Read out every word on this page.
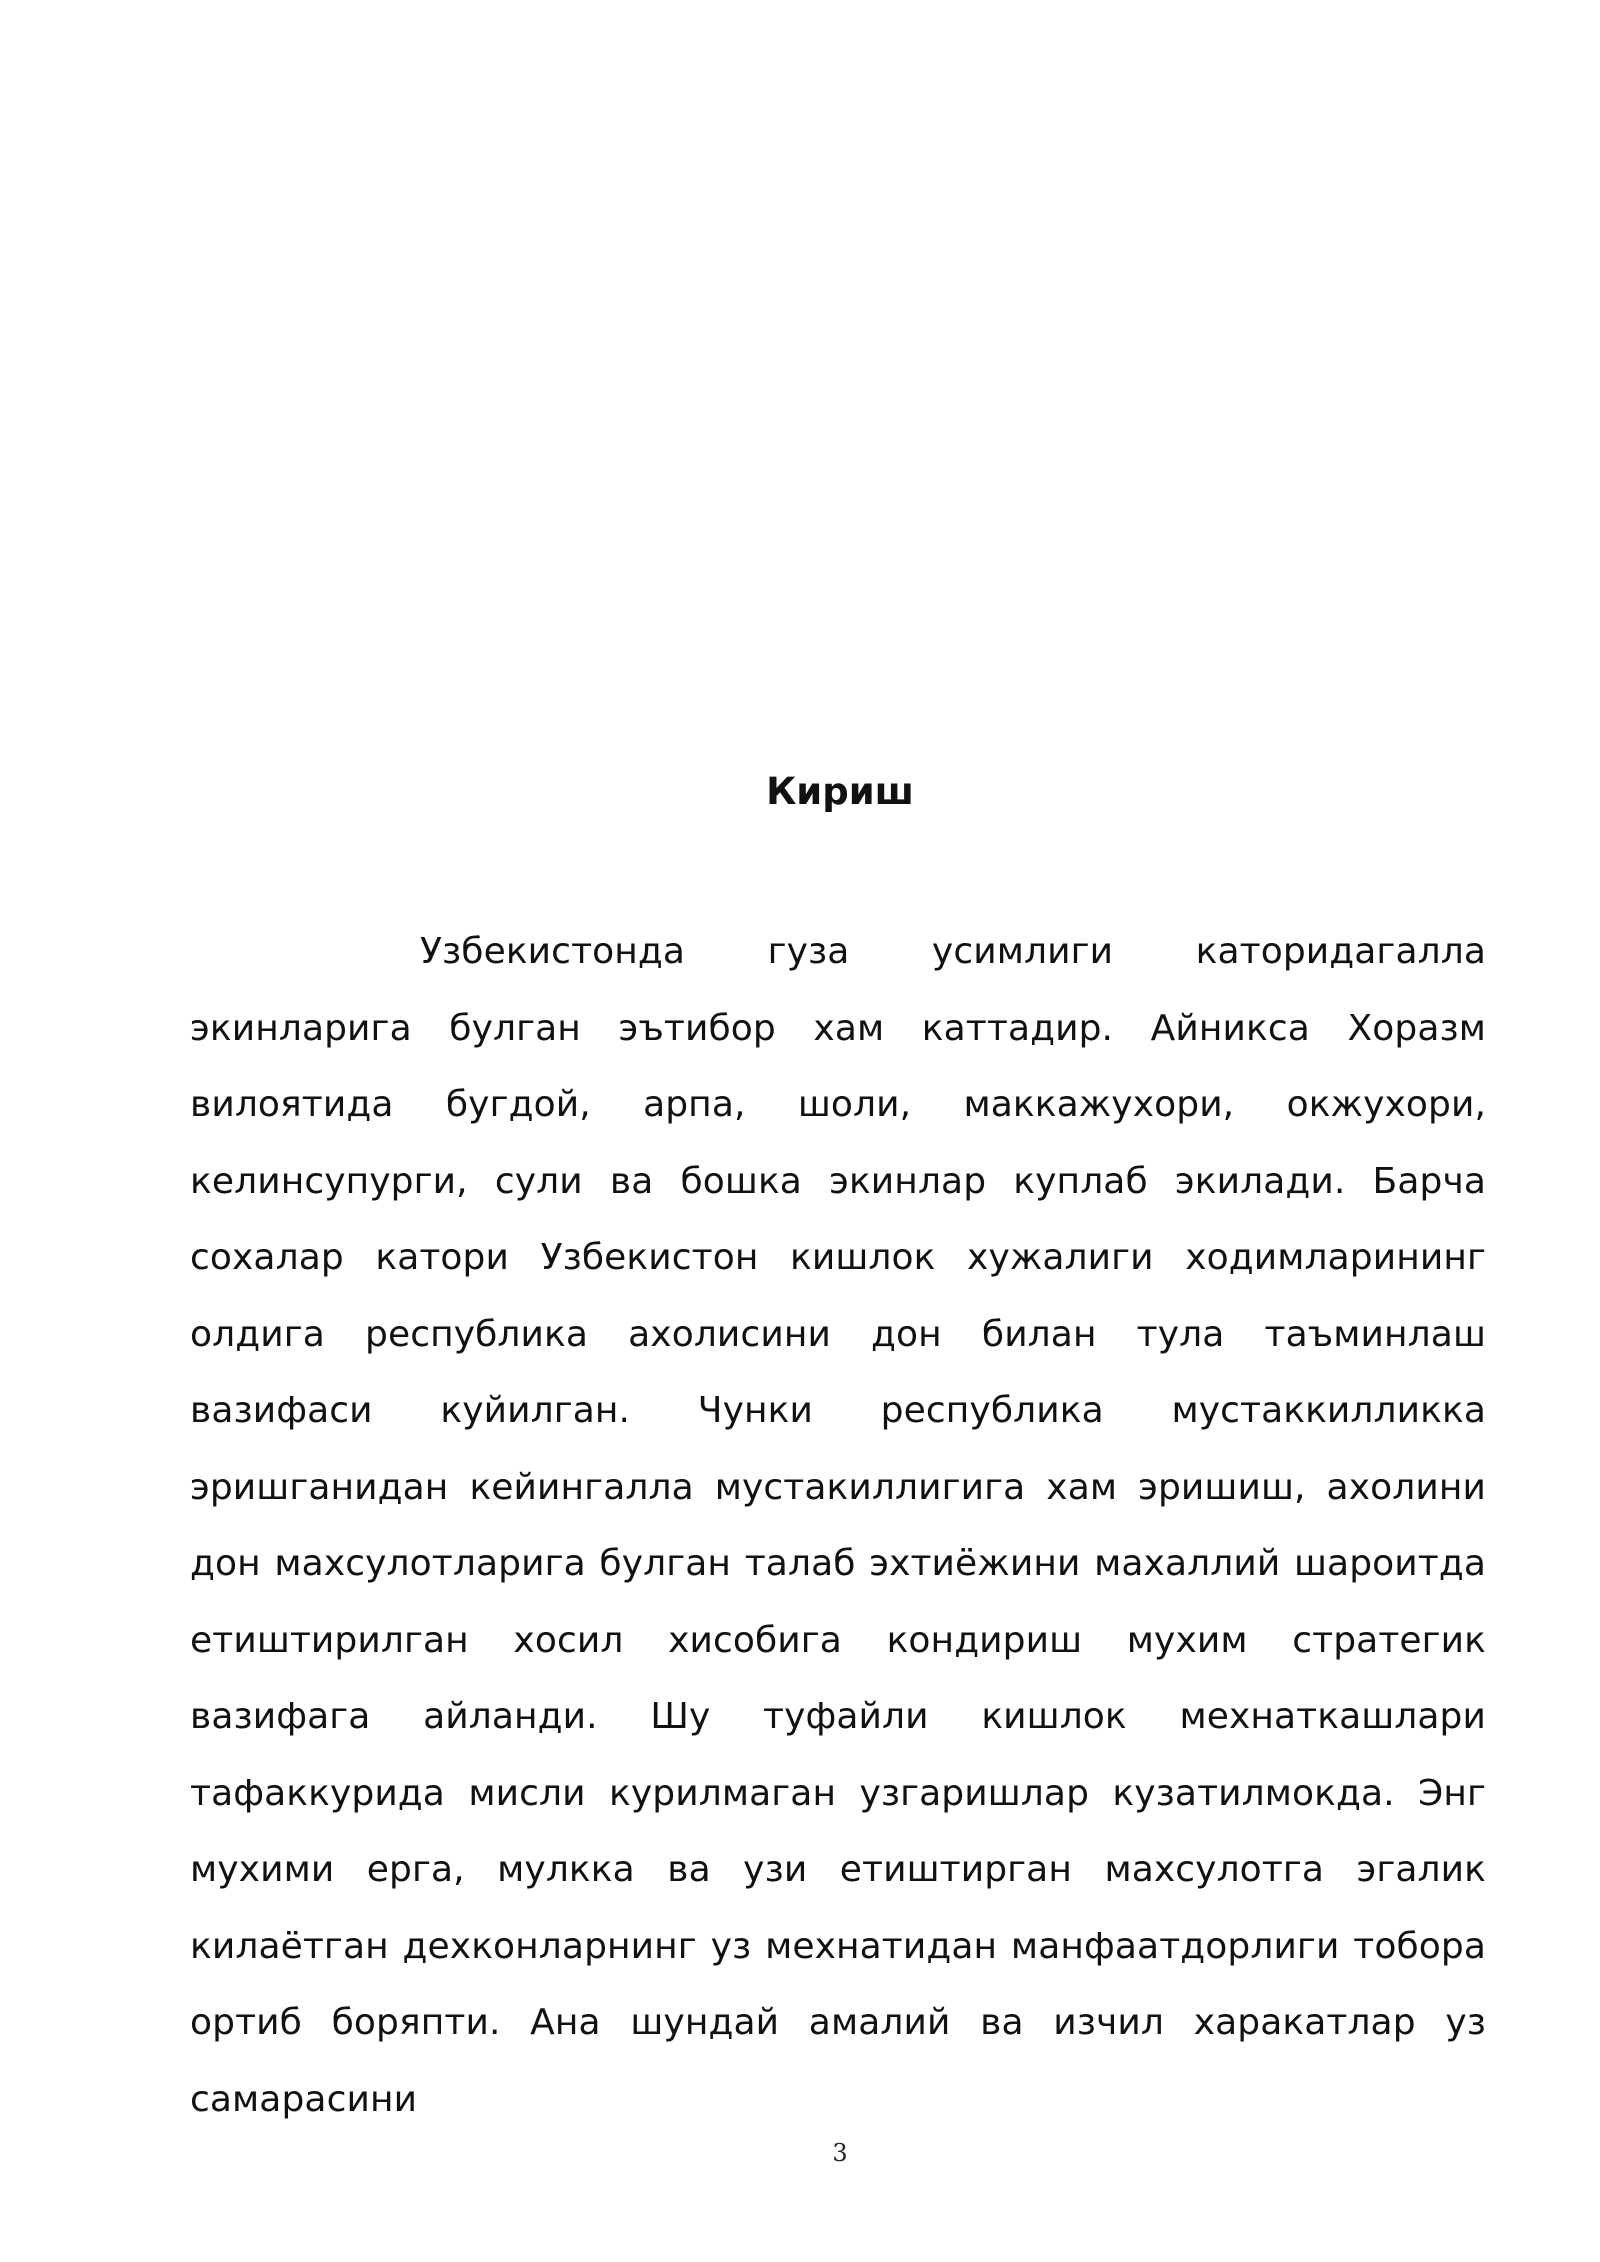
Кириш

Узбекистонда гуза усимлиги каторидагалла экинларига булган эътибор хам каттадир. Айникса Хоразм вилоятида бугдой, арпа, шоли, маккажухори, окжухори, келинсупурги, сули ва бошка экинлар куплаб экилади. Барча сохалар катори Узбекистон кишлок хужалиги ходимларининг олдига республика ахолисини дон билан тула таъминлаш вазифаси куйилган. Чунки республика мустаккилликка эришганидан кейингалла мустакиллигига хам эришиш, ахолини дон махсулотларига булган талаб эхтиёжини махаллий шароитда етиштирилган хосил хисобига кондириш мухим стратегик вазифага айланди. Шу туфайли кишлок мехнаткашлари тафаккурида мисли курилмаган узгаришлар кузатилмокда. Энг мухими ерга, мулкка ва узи етиштирган махсулотга эгалик килаётган дехконларнинг уз мехнатидан манфаатдорлиги тобора ортиб боряпти. Ана шундай амалий ва изчил харакатлар уз самарасини

3
